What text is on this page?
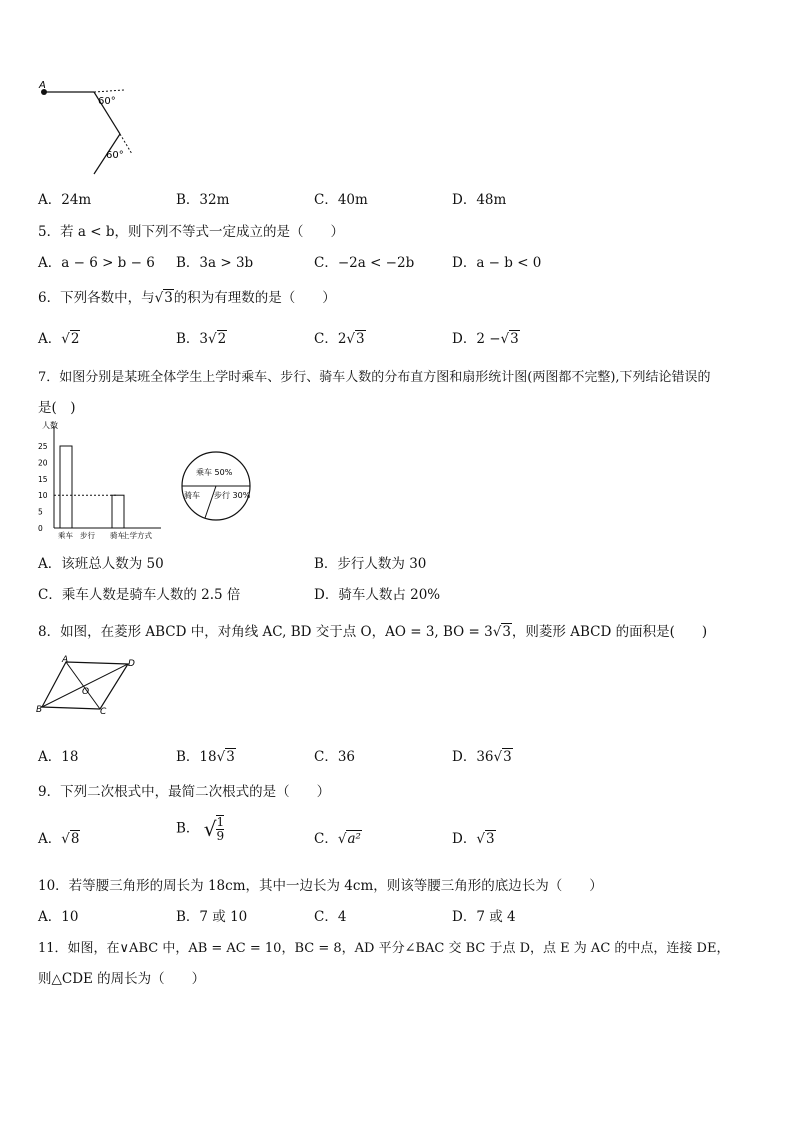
A
60°
60°
A．24m	B．32m	C．40m	D．48m
5．若 a < b，则下列不等式一定成立的是（　　）
A．a − 6 > b − 6 B．3a > 3b	C．−2a < −2b	D．a − b < 0
6．下列各数中，与√3的积为有理数的是（　　）
A．√2	B．3√2	C．2√3	D．2 −√3
7．如图分别是某班全体学生上学时乘车、步行、骑车人数的分布直方图和扇形统计图(两图都不完整),下列结论错误的
是(　)
人数
上学方式
0
5
10
15
20
25
乘车 步行 骑车
乘车 50%
骑车 步行 30%
A．该班总人数为 50	B．步行人数为 30
C．乘车人数是骑车人数的 2.5 倍	D．骑车人数占 20%
8．如图，在菱形 ABCD 中，对角线 AC, BD 交于点 O，AO = 3, BO = 3√3，则菱形 ABCD 的面积是(　　)
A	D
O
B	C
A．18	B．18√3	C．36	D．36√3
9．下列二次根式中，最简二次根式的是（　　）
A．√8
B． √ $\frac{1}{9}$	C．√a²	D．√3
10．若等腰三角形的周长为 18cm，其中一边长为 4cm，则该等腰三角形的底边长为（　　）
A．10	B．7 或 10	C．4	D．7 或 4
11．如图，在∨ABC 中，AB = AC = 10，BC = 8，AD 平分∠BAC 交 BC 于点 D，点 E 为 AC 的中点，连接 DE，
则△CDE 的周长为（　　）
